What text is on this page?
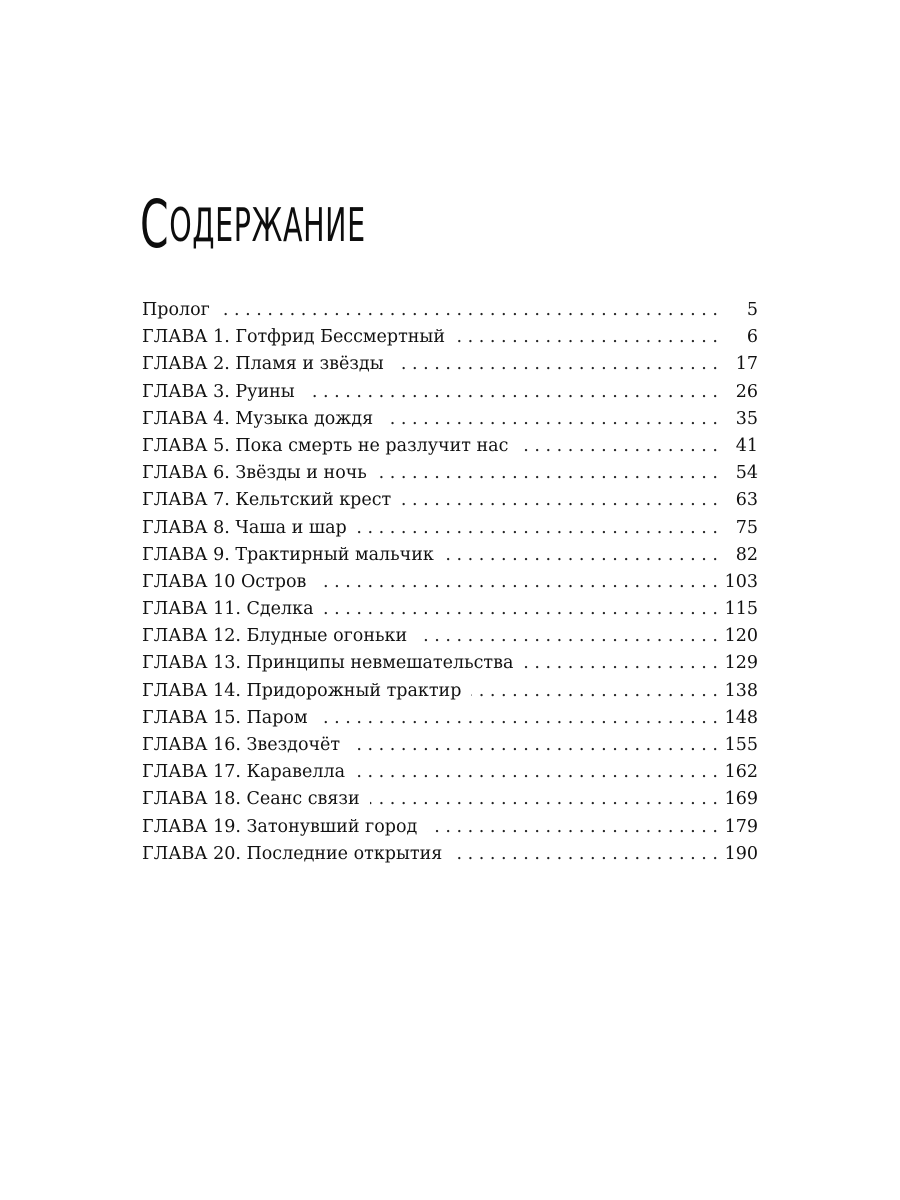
СОДЕРЖАНИЕ
Пролог . . .	5
ГЛАВА 1. Готфрид Бессмертный . . .	6
ГЛАВА 2. Пламя и звёзды . . .	17
ГЛАВА 3. Руины . . .	26
ГЛАВА 4. Музыка дождя . . .	35
ГЛАВА 5. Пока смерть не разлучит нас . . .	41
ГЛАВА 6. Звёзды и ночь . . .	54
ГЛАВА 7. Кельтский крест . . .	63
ГЛАВА 8. Чаша и шар . . .	75
ГЛАВА 9. Трактирный мальчик . . .	82
ГЛАВА 10 Остров . . .	103
ГЛАВА 11. Сделка . . .	115
ГЛАВА 12. Блудные огоньки . . .	120
ГЛАВА 13. Принципы невмешательства . . .	129
ГЛАВА 14. Придорожный трактир . . .	138
ГЛАВА 15. Паром . . .	148
ГЛАВА 16. Звездочёт . . .	155
ГЛАВА 17. Каравелла . . .	162
ГЛАВА 18. Сеанс связи . . .	169
ГЛАВА 19. Затонувший город . . .	179
ГЛАВА 20. Последние открытия . . .	190
